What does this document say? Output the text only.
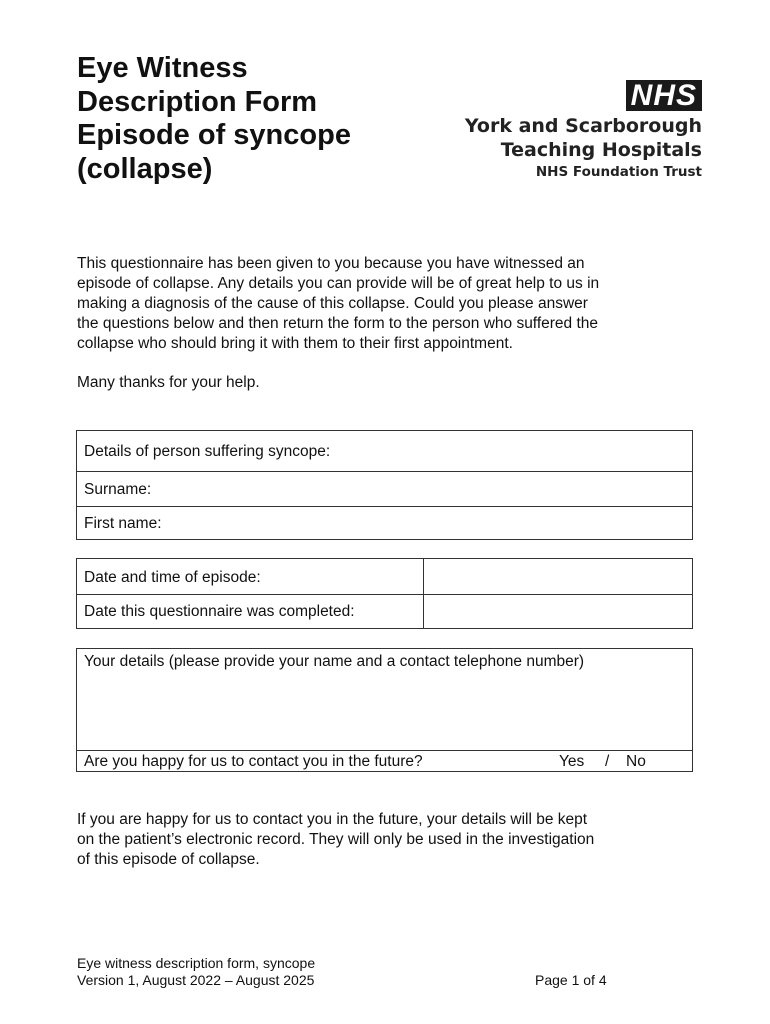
Eye Witness
Description Form
Episode of syncope
(collapse)
NHS
York and Scarborough
Teaching Hospitals
NHS Foundation Trust

This questionnaire has been given to you because you have witnessed an
episode of collapse. Any details you can provide will be of great help to us in
making a diagnosis of the cause of this collapse. Could you please answer
the questions below and then return the form to the person who suffered the
collapse who should bring it with them to their first appointment.

Many thanks for your help.

Details of person suffering syncope:
Surname:
First name:
Date and time of episode:
Date this questionnaire was completed:
Your details (please provide your name and a contact telephone number)
Are you happy for us to contact you in the future?	Yes / No

If you are happy for us to contact you in the future, your details will be kept
on the patient’s electronic record. They will only be used in the investigation
of this episode of collapse.

Eye witness description form, syncope
Version 1, August 2022 – August 2025	Page 1 of 4
